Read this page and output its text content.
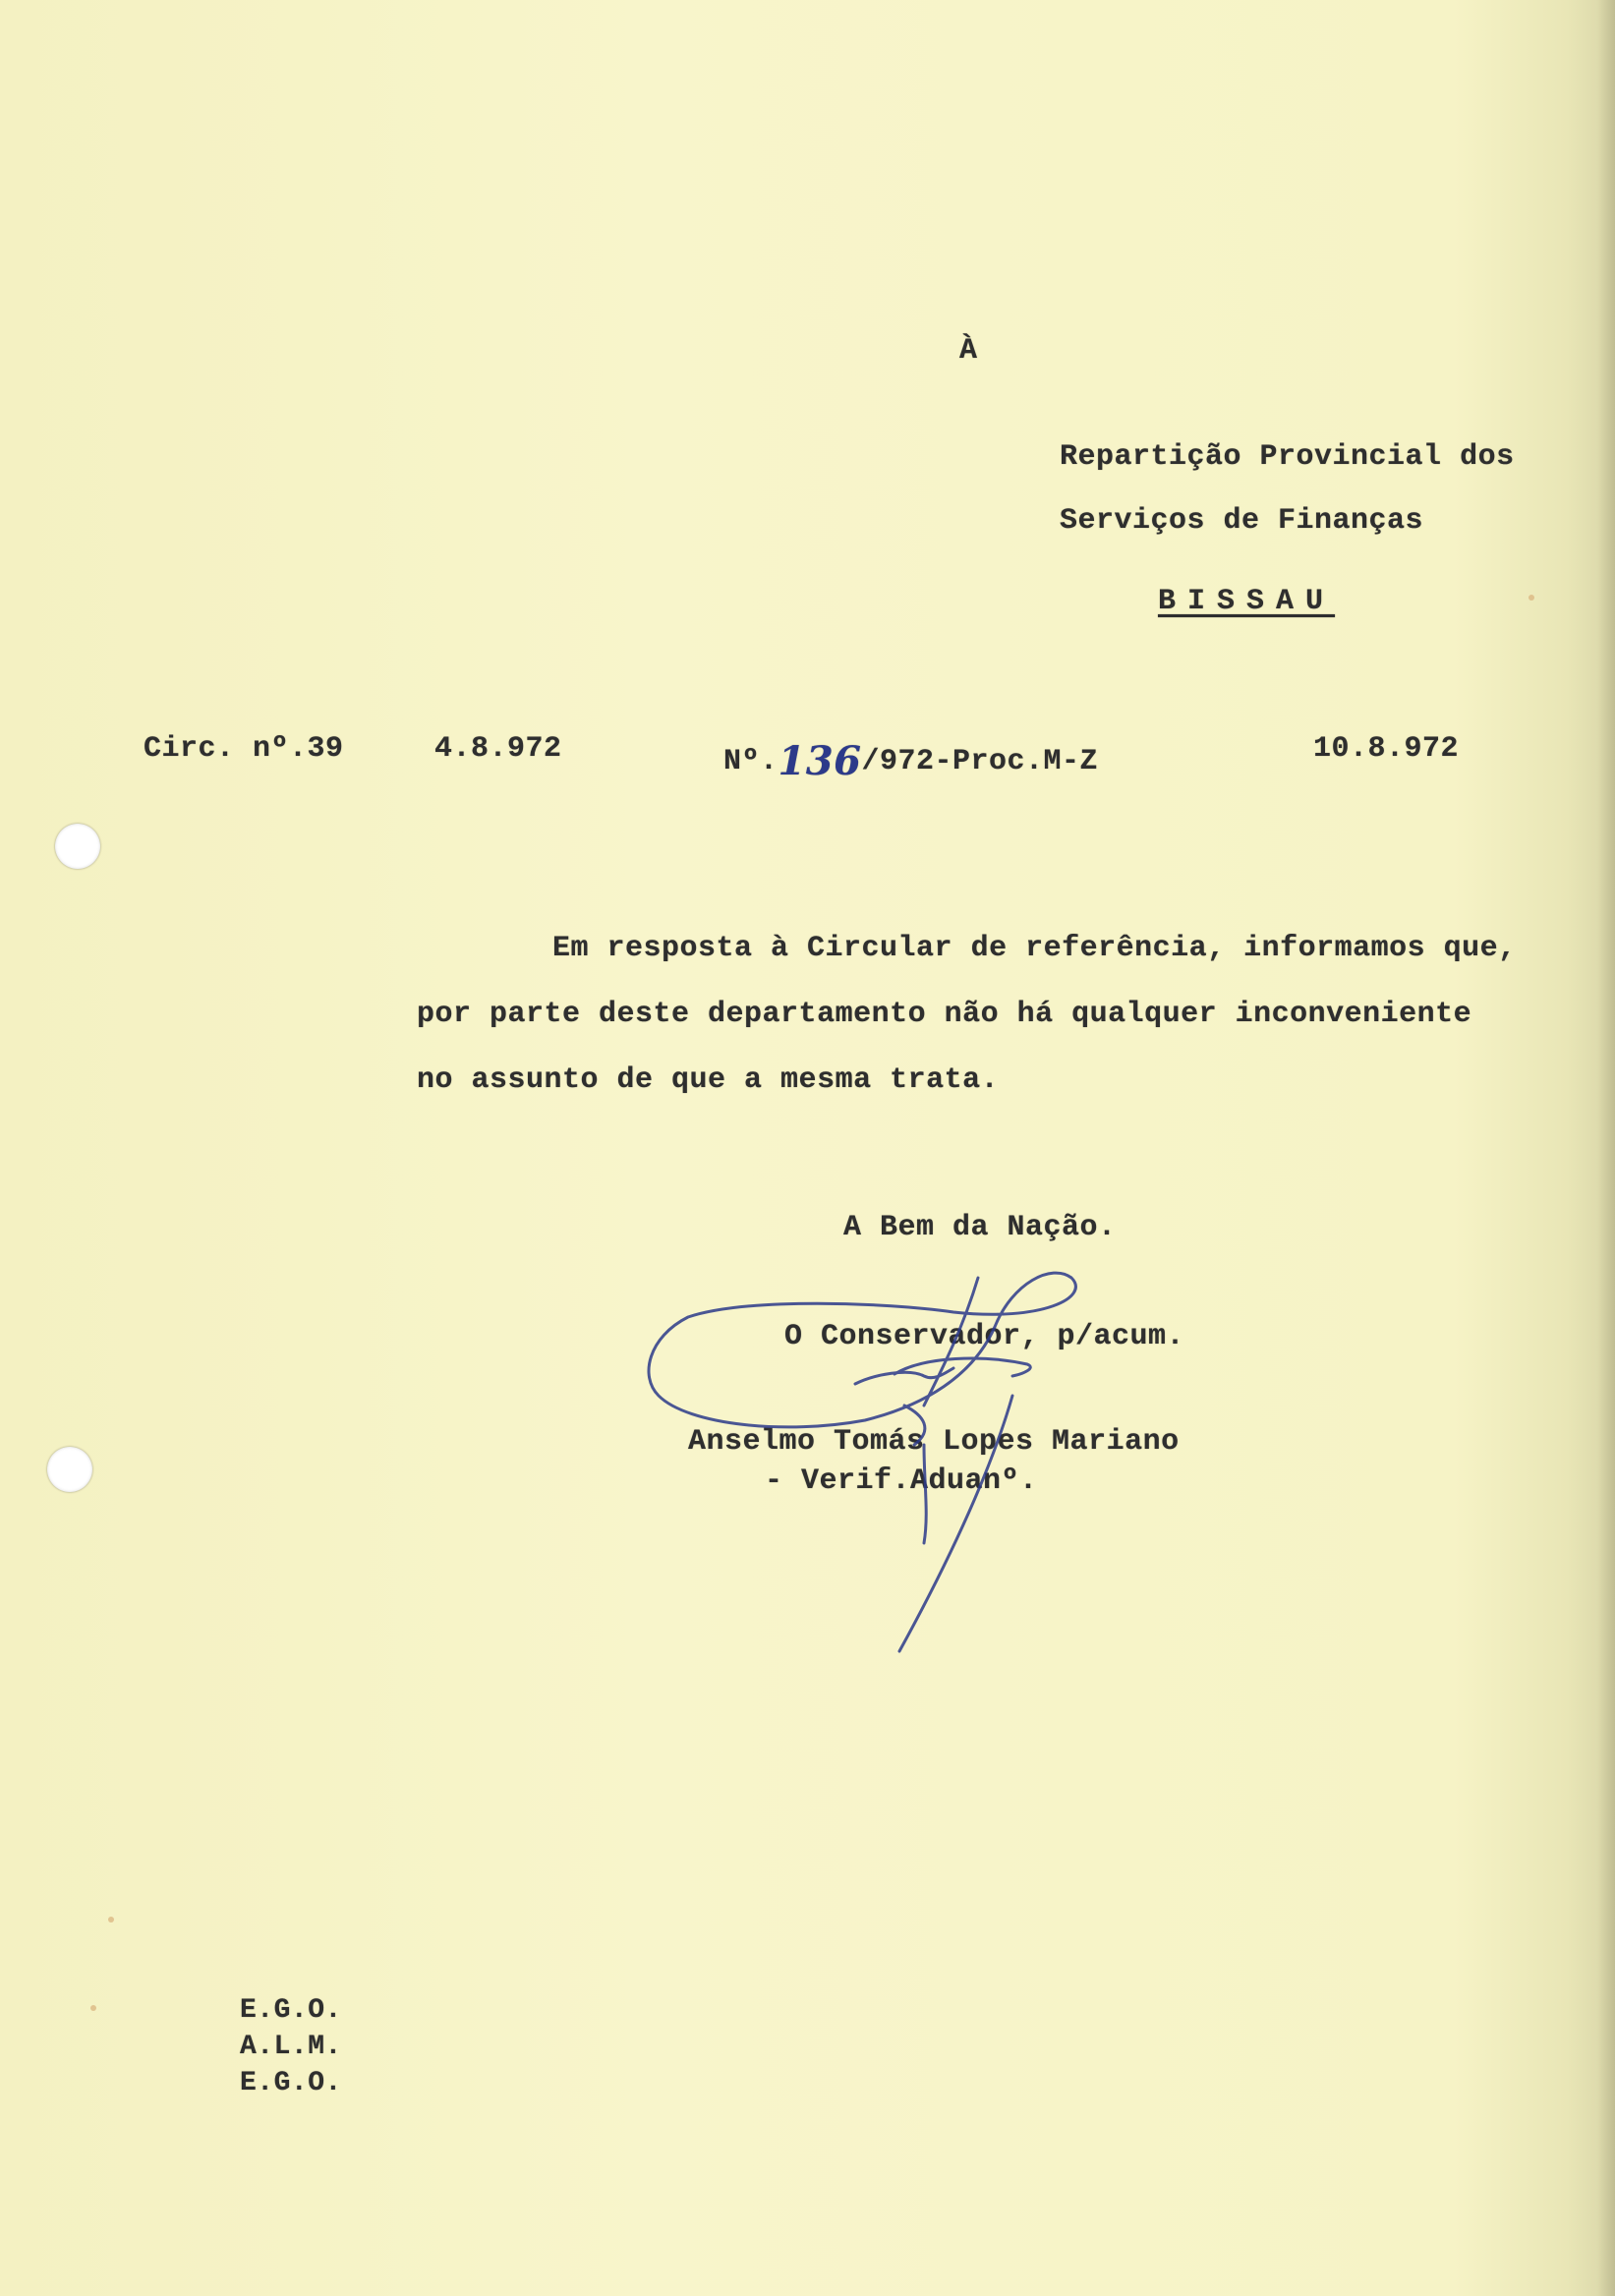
À
Repartição Provincial dos
Serviços de Finanças
BISSAU
Circ. nº.39	4.8.972	Nº.136/972-Proc.M-Z	10.8.972
Em resposta à Circular de referência, informamos que,
por parte deste departamento não há qualquer inconveniente
no assunto de que a mesma trata.
A Bem da Nação.
O Conservador, p/acum.
Anselmo Tomás Lopes Mariano
- Verif.Aduanº.
E.G.O.
A.L.M.
E.G.O.
